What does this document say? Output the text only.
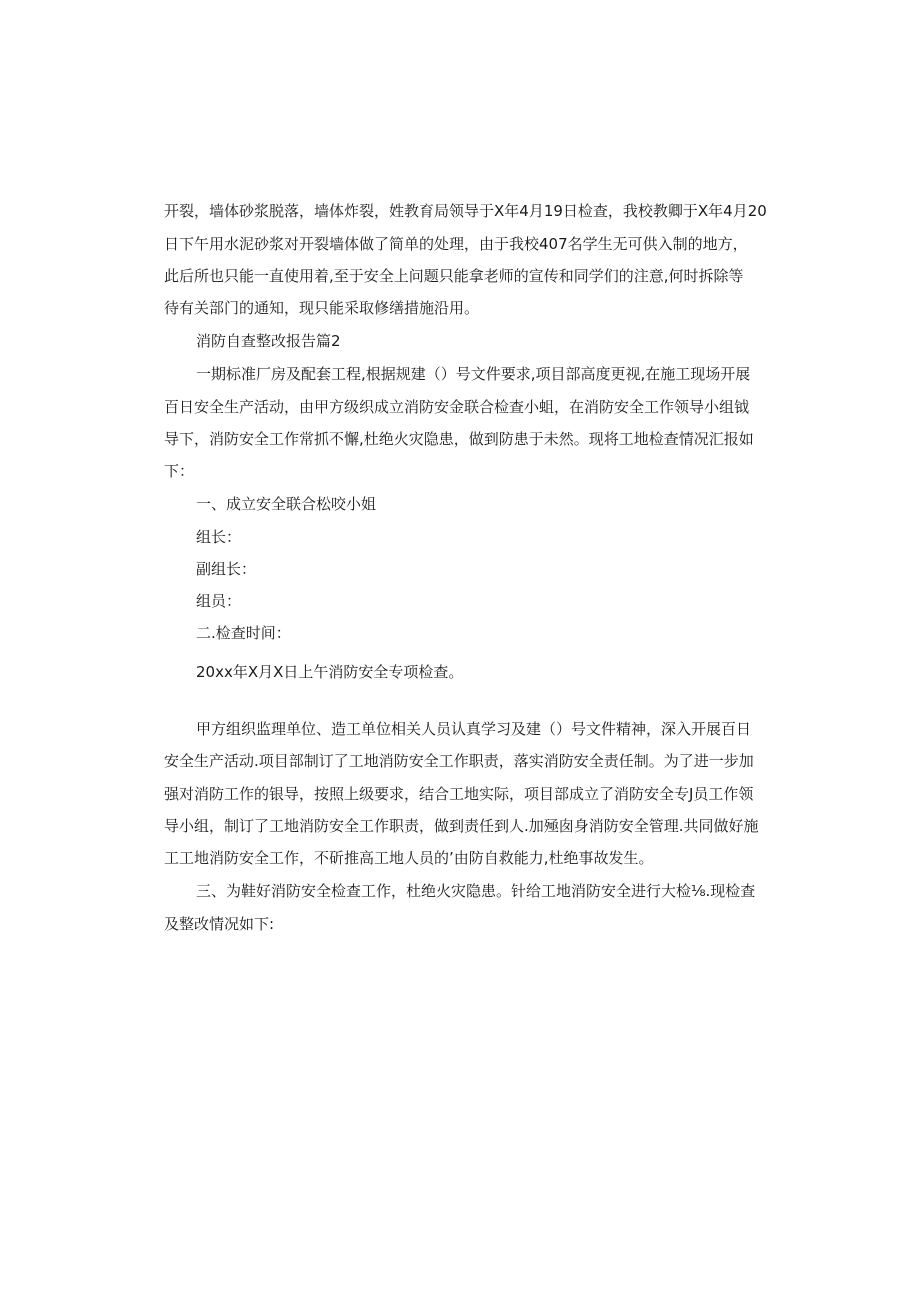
开裂，墙体砂浆脱落，墙体炸裂，姓教育局领导于X年4月19日检查，我校教卿于X年4月20
日下午用水泥砂浆对开裂墙体做了简单的处理，由于我校407名学生无可供入制的地方，
此后所也只能一直使用着,至于安全上问题只能拿老师的宣传和同学们的注意,何时拆除等
待有关部门的通知，现只能采取修缮措施沿用。
消防自查整改报告篇2
一期标准厂房及配套工程,根据规建（）号文件要求,项目部高度更视,在施工现场开展
百日安全生产活动，由甲方级织成立消防安金联合检查小蛆，在消防安全工作领导小组钺
导下，消防安全工作常抓不懈,杜绝火灾隐患，做到防患于未然。现将工地检查情况汇报如
下：
一、成立安全联合松咬小姐
组长：
副组长：
组员：
二.检查时间：
20xx年X月X日上午消防安全专项检查。
甲方组织监理单位、造工单位相关人员认真学习及建（）号文件精神，深入开展百日
安全生产活动.项目部制订了工地消防安全工作职责，落实消防安全责任制。为了进一步加
强对消防工作的银导，按照上级要求，结合工地实际，项目部成立了消防安全专J员工作领
导小组，制订了工地消防安全工作职责，做到责任到人.加殛囱身消防安全管理.共同做好施
工工地消防安全工作，不斫推高工地人员的’由防自救能力,杜绝事故发生。
三、为鞋好消防安全检查工作，杜绝火灾隐患。针给工地消防安全进行大检⅛.现检查
及整改情况如下:
